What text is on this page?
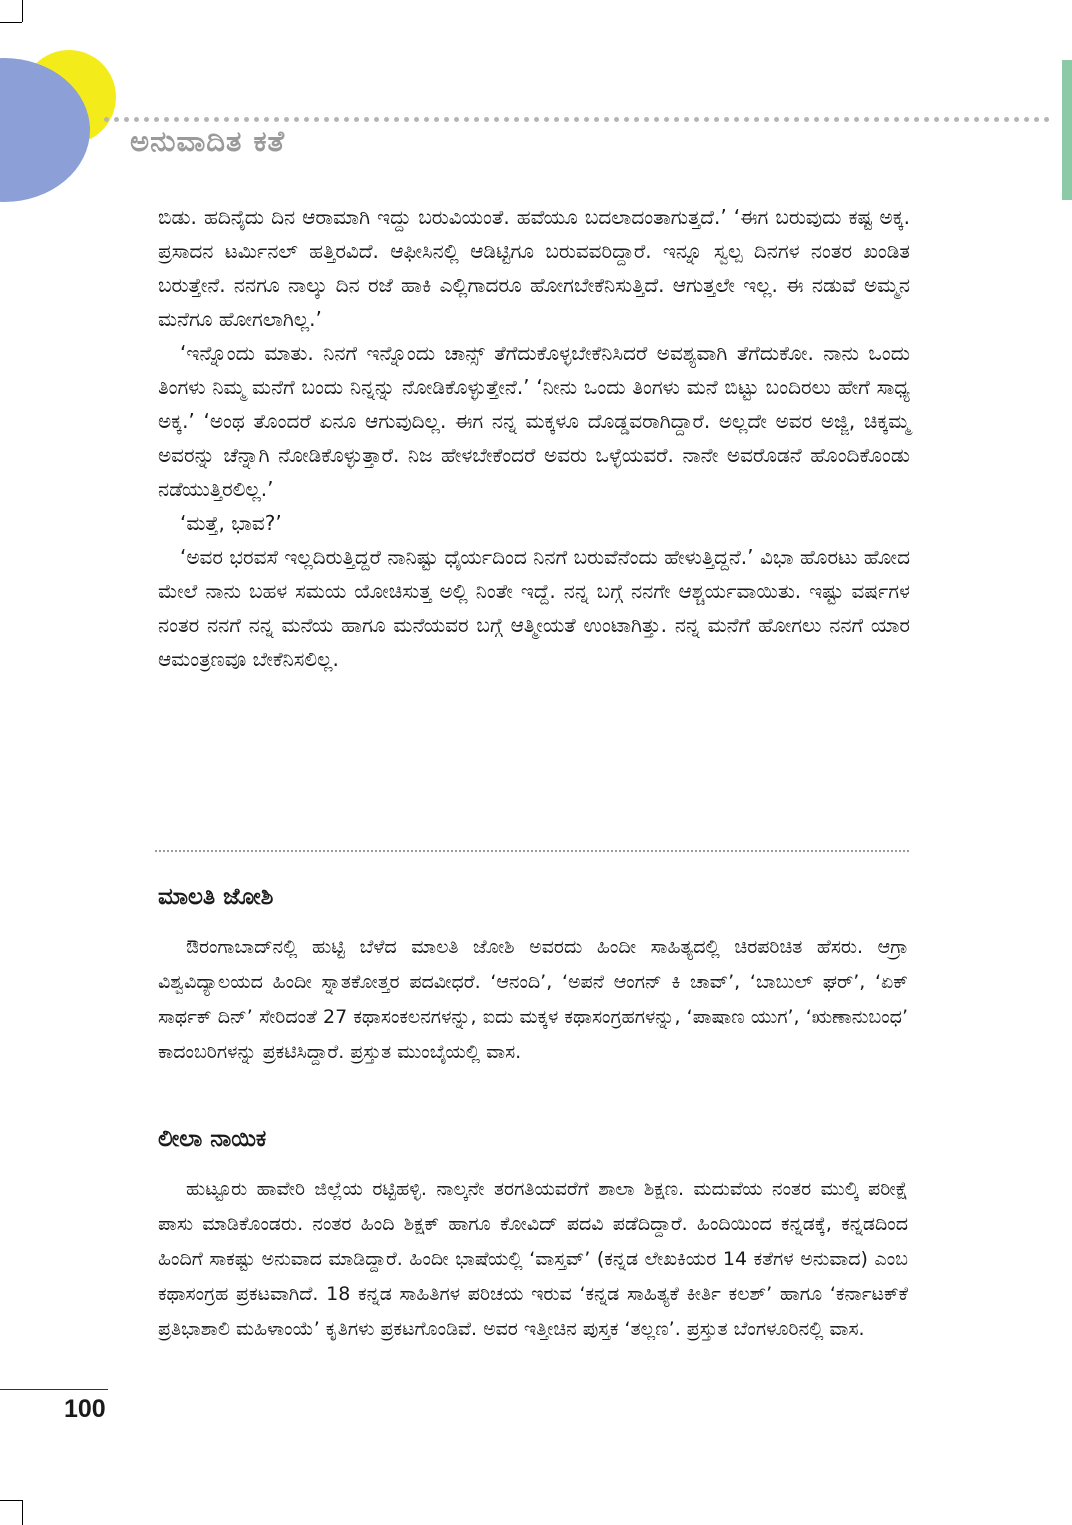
ಅನುವಾದಿತ ಕತೆ

ಬಿಡು. ಹದಿನೈದು ದಿನ ಆರಾಮಾಗಿ ಇದ್ದು ಬರುವಿಯಂತೆ. ಹವೆಯೂ ಬದಲಾದಂತಾಗುತ್ತದೆ.’ ‘ಈಗ ಬರುವುದು ಕಷ್ಟ ಅಕ್ಕ. ಪ್ರಸಾದನ ಟರ್ಮಿನಲ್ ಹತ್ತಿರವಿದೆ. ಆಫೀಸಿನಲ್ಲಿ ಆಡಿಟ್ಟಿಗೂ ಬರುವವರಿದ್ದಾರೆ. ಇನ್ನೂ ಸ್ವಲ್ಪ ದಿನಗಳ ನಂತರ ಖಂಡಿತ ಬರುತ್ತೇನೆ. ನನಗೂ ನಾಲ್ಕು ದಿನ ರಜೆ ಹಾಕಿ ಎಲ್ಲಿಗಾದರೂ ಹೋಗಬೇಕೆನಿಸುತ್ತಿದೆ. ಆಗುತ್ತಲೇ ಇಲ್ಲ. ಈ ನಡುವೆ ಅಮ್ಮನ ಮನೆಗೂ ಹೋಗಲಾಗಿಲ್ಲ.’

‘ಇನ್ನೊಂದು ಮಾತು. ನಿನಗೆ ಇನ್ನೊಂದು ಚಾನ್ಸ್ ತೆಗೆದುಕೊಳ್ಳಬೇಕೆನಿಸಿದರೆ ಅವಶ್ಯವಾಗಿ ತೆಗೆದುಕೋ. ನಾನು ಒಂದು ತಿಂಗಳು ನಿಮ್ಮ ಮನೆಗೆ ಬಂದು ನಿನ್ನನ್ನು ನೋಡಿಕೊಳ್ಳುತ್ತೇನೆ.’ ‘ನೀನು ಒಂದು ತಿಂಗಳು ಮನೆ ಬಿಟ್ಟು ಬಂದಿರಲು ಹೇಗೆ ಸಾಧ್ಯ ಅಕ್ಕ.’ ‘ಅಂಥ ತೊಂದರೆ ಏನೂ ಆಗುವುದಿಲ್ಲ. ಈಗ ನನ್ನ ಮಕ್ಕಳೂ ದೊಡ್ಡವರಾಗಿದ್ದಾರೆ. ಅಲ್ಲದೇ ಅವರ ಅಜ್ಜಿ, ಚಿಕ್ಕಮ್ಮ ಅವರನ್ನು ಚೆನ್ನಾಗಿ ನೋಡಿಕೊಳ್ಳುತ್ತಾರೆ. ನಿಜ ಹೇಳಬೇಕೆಂದರೆ ಅವರು ಒಳ್ಳೆಯವರೆ. ನಾನೇ ಅವರೊಡನೆ ಹೊಂದಿಕೊಂಡು ನಡೆಯುತ್ತಿರಲಿಲ್ಲ.’

‘ಮತ್ತೆ, ಭಾವ?’

‘ಅವರ ಭರವಸೆ ಇಲ್ಲದಿರುತ್ತಿದ್ದರೆ ನಾನಿಷ್ಟು ಧೈರ್ಯದಿಂದ ನಿನಗೆ ಬರುವೆನೆಂದು ಹೇಳುತ್ತಿದ್ದನೆ.’ ವಿಭಾ ಹೊರಟು ಹೋದ ಮೇಲೆ ನಾನು ಬಹಳ ಸಮಯ ಯೋಚಿಸುತ್ತ ಅಲ್ಲಿ ನಿಂತೇ ಇದ್ದೆ. ನನ್ನ ಬಗ್ಗೆ ನನಗೇ ಆಶ್ಚರ್ಯವಾಯಿತು. ಇಷ್ಟು ವರ್ಷಗಳ ನಂತರ ನನಗೆ ನನ್ನ ಮನೆಯ ಹಾಗೂ ಮನೆಯವರ ಬಗ್ಗೆ ಆತ್ಮೀಯತೆ ಉಂಟಾಗಿತ್ತು. ನನ್ನ ಮನೆಗೆ ಹೋಗಲು ನನಗೆ ಯಾರ ಆಮಂತ್ರಣವೂ ಬೇಕೆನಿಸಲಿಲ್ಲ.

ಮಾಲತಿ ಜೋಶಿ

ಔರಂಗಾಬಾದ್‌ನಲ್ಲಿ ಹುಟ್ಟಿ ಬೆಳೆದ ಮಾಲತಿ ಜೋಶಿ ಅವರದು ಹಿಂದೀ ಸಾಹಿತ್ಯದಲ್ಲಿ ಚಿರಪರಿಚಿತ ಹೆಸರು. ಆಗ್ರಾ ವಿಶ್ವವಿದ್ಯಾಲಯದ ಹಿಂದೀ ಸ್ನಾತಕೋತ್ತರ ಪದವೀಧರೆ. ‘ಆನಂದಿ’, ‘ಅಪನೆ ಆಂಗನ್ ಕಿ ಚಾವ್’, ‘ಬಾಬುಲ್ ಘರ್’, ‘ಏಕ್ ಸಾರ್ಥಕ್ ದಿನ್’ ಸೇರಿದಂತೆ 27 ಕಥಾಸಂಕಲನಗಳನ್ನು, ಐದು ಮಕ್ಕಳ ಕಥಾಸಂಗ್ರಹಗಳನ್ನು, ‘ಪಾಷಾಣ ಯುಗ’, ‘ಋಣಾನುಬಂಧ’ ಕಾದಂಬರಿಗಳನ್ನು ಪ್ರಕಟಿಸಿದ್ದಾರೆ. ಪ್ರಸ್ತುತ ಮುಂಬೈಯಲ್ಲಿ ವಾಸ.

ಲೀಲಾ ನಾಯಿಕ

ಹುಟ್ಟೂರು ಹಾವೇರಿ ಜಿಲ್ಲೆಯ ರಟ್ಟಿಹಳ್ಳಿ. ನಾಲ್ಕನೇ ತರಗತಿಯವರೆಗೆ ಶಾಲಾ ಶಿಕ್ಷಣ. ಮದುವೆಯ ನಂತರ ಮುಲ್ಕಿ ಪರೀಕ್ಷೆ ಪಾಸು ಮಾಡಿಕೊಂಡರು. ನಂತರ ಹಿಂದಿ ಶಿಕ್ಷಕ್ ಹಾಗೂ ಕೋವಿದ್ ಪದವಿ ಪಡೆದಿದ್ದಾರೆ. ಹಿಂದಿಯಿಂದ ಕನ್ನಡಕ್ಕೆ, ಕನ್ನಡದಿಂದ ಹಿಂದಿಗೆ ಸಾಕಷ್ಟು ಅನುವಾದ ಮಾಡಿದ್ದಾರೆ. ಹಿಂದೀ ಭಾಷೆಯಲ್ಲಿ ‘ವಾಸ್ತವ್’ (ಕನ್ನಡ ಲೇಖಕಿಯರ 14 ಕತೆಗಳ ಅನುವಾದ) ಎಂಬ ಕಥಾಸಂಗ್ರಹ ಪ್ರಕಟವಾಗಿದೆ. 18 ಕನ್ನಡ ಸಾಹಿತಿಗಳ ಪರಿಚಯ ಇರುವ ‘ಕನ್ನಡ ಸಾಹಿತ್ಯಕೆ ಕೀರ್ತಿ ಕಲಶ್’ ಹಾಗೂ ‘ಕರ್ನಾಟಕ್‌ಕೆ ಪ್ರತಿಭಾಶಾಲಿ ಮಹಿಳಾಂಯೆ’ ಕೃತಿಗಳು ಪ್ರಕಟಗೊಂಡಿವೆ. ಅವರ ಇತ್ತೀಚಿನ ಪುಸ್ತಕ ‘ತಲ್ಲಣ’. ಪ್ರಸ್ತುತ ಬೆಂಗಳೂರಿನಲ್ಲಿ ವಾಸ.

100
